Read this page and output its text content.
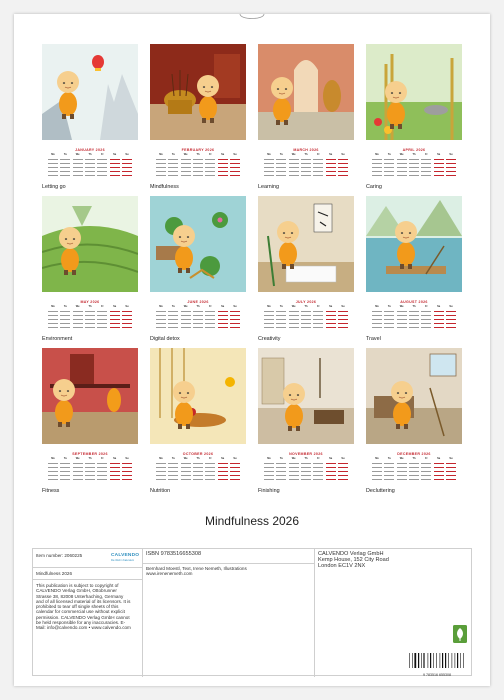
JANUARY 2026
Mo	Tu	We	Th	Fr	Sa	Su
Letting go
FEBRUARY 2026
Mo	Tu	We	Th	Fr	Sa	Su
Mindfulness
MARCH 2026
Mo	Tu	We	Th	Fr	Sa	Su
Learning
APRIL 2026
Mo	Tu	We	Th	Fr	Sa	Su
Caring
MAY 2026
Mo	Tu	We	Th	Fr	Sa	Su
Environment
JUNE 2026
Mo	Tu	We	Th	Fr	Sa	Su
Digital detox
JULY 2026
Mo	Tu	We	Th	Fr	Sa	Su
Creativity
AUGUST 2026
Mo	Tu	We	Th	Fr	Sa	Su
Travel
SEPTEMBER 2026
Mo	Tu	We	Th	Fr	Sa	Su
Fitness
OCTOBER 2026
Mo	Tu	We	Th	Fr	Sa	Su
Nutrition
NOVEMBER 2026
Mo	Tu	We	Th	Fr	Sa	Su
Finishing
DECEMBER 2026
Mo	Tu	We	Th	Fr	Sa	Su
Decluttering
Mindfulness 2026
Item number: 2060225	CALVENDO
Die Welt in Kalendern
Mindfulness 2026
This publication is subject to copyright of CALVENDO Verlag GmbH, Ottobrunner Strasse 38, 82008 Unterhaching, Germany and of all licensed material of its licensors. It is prohibited to tear off single sheets of this calendar for commercial use without explicit permission. CALVENDO Verlag GmbH cannot be held responsible for any inaccuracies. E-Mail: info@calvendo.com • www.calvendo.com
ISBN 9783516655308
Bernhard Moestl, Text, Irene Nemeth, Illustrations
www.irenenemeth.com
CALVENDO Verlag GmbH
Kemp House, 152 City Road
London EC1V 2NX
9 783516 655308
